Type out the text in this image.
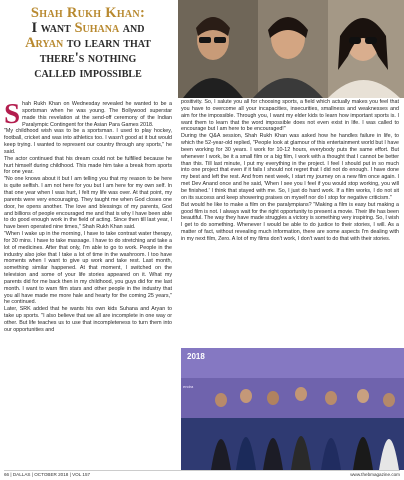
Shah Rukh Khan:
I want Suhana and
Aryan to learn that
there's nothing
called impossible
S hah Rukh Khan on Wednesday revealed he wanted to be a sportsman when he was young. The Bollywood superstar made this revelation at the send-off ceremony of the Indian Paralympic Contingent for the Asian Para Games 2018.

"My childhood wish was to be a sportsman. I used to play hockey, football, cricket and was into athletics too. I wasn't good at it but would keep trying. I wanted to represent our country through any sports," he said.

The actor continued that his dream could not be fulfilled because he hurt himself during childhood. This made him take a break from sports for one year.

"No one knows about it but I am telling you that my reason to be here is quite selfish. I am not here for you but I am here for my own self. In that one year when I was hurt, I felt my life was over. At that point, my parents were very encouraging. They taught me when God closes one door, he opens another. The love and blessings of my parents, God and billions of people encouraged me and that is why I have been able to do good enough work in the field of acting. Since then till last year, I have been operated nine times," Shah Rukh Khan said.

"When I wake up in the morning, I have to take contrast water therapy, for 30 mins. I have to take massage. I have to do stretching and take a lot of medicines. After that only, I'm able to go to work. People in the industry also joke that I take a lot of time in the washroom. I too have moments when I want to give up work and take rest. Last month, something similar happened. At that moment, I switched on the television and some of your life stories appeared on it. What my parents did for me back then in my childhood, you guys did for me last month. I want to warn film stars and other people in the industry that you all have made me more hale and hearty for the coming 25 years," he continued.

Later, SRK added that he wants his own kids Suhana and Aryan to take up sports. "I also believe that we all are incomplete in one way or other. But life teaches us to use that incompleteness to turn them into our opportunities and

positivity. So, I salute you all for choosing sports, a field which actually makes you feel that you have to overcome all your incapacities, insecurities, smallness and weaknesses and aim for the impossible. Through you, I want my elder kids to learn how important sports is. I want them to learn that the word impossible does not even exist in life. I was called to encourage but I am here to be encouraged!"

During the Q&A session, Shah Rukh Khan was asked how he handles failure in life, to which the 52-year-old replied, "People look at glamour of this entertainment world but I have been working for 30 years. I work for 10-12 hours, everybody puts the same effort. But whenever I work, be it a small film or a big film, I work with a thought that I cannot be better than this. Till last minute, I put my everything in the project. I feel I should put in so much into one project that even if it fails I should not regret that I did not do enough. I have done my best and left the rest. And from next week, I start my journey on a new film once again. I met Dev Anand once and he said, 'When I see you I feel if you would stop working, you will be finished.' I think that stayed with me. So, I just do hard work. If a film works, I do not sit on its success and keep showering praises on myself nor do I stop for negative criticism."

But would he like to make a film on the paralympians? "Making a film is easy but making a good film is not. I always wait for the right opportunity to present a movie. Their life has been beautiful. The way they have made struggles a victory is something very inspiring. So, I wish I get to do something. Whenever I would be able to do justice to their stories, I will. As a matter of fact, without revealing much information, there are some aspects I'm dealing with in my next film, Zero. A lot of my films don't work, I don't want to do that with their stories.

2018
endra
66 | DALLAS | OCTOBER 2018 | VOL 157	www.thebmagazine.com
